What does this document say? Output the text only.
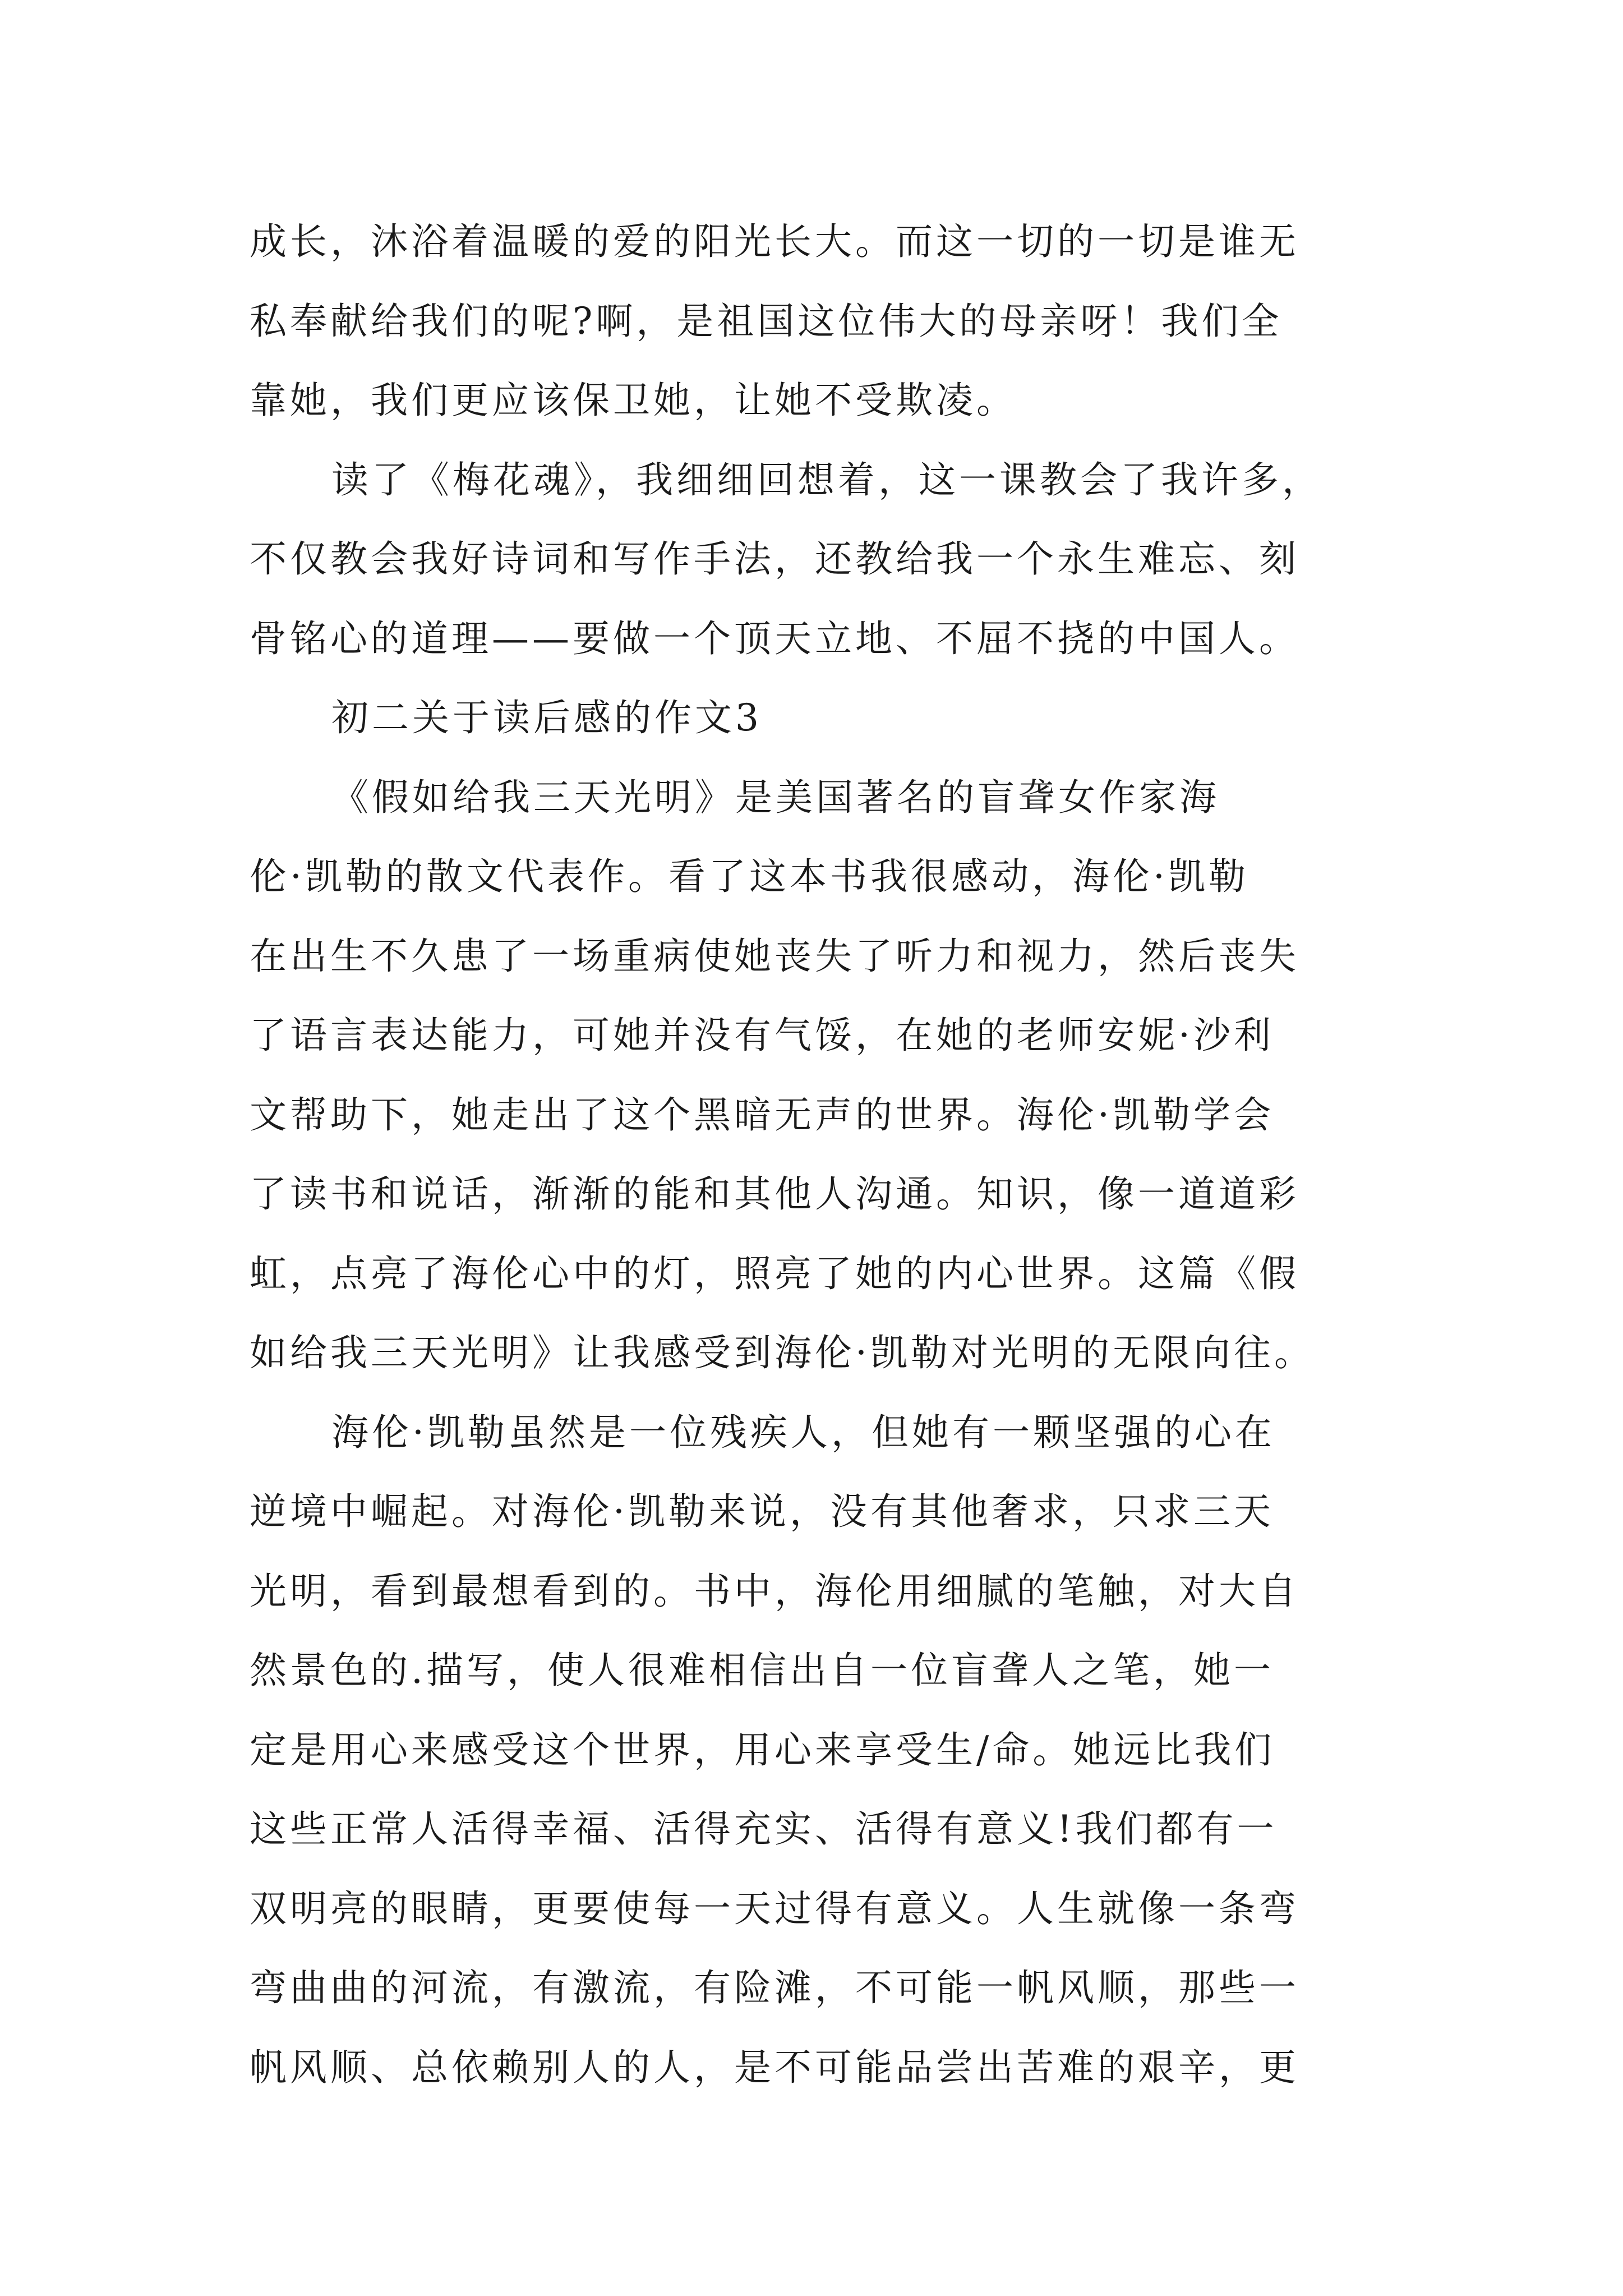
成长，沐浴着温暖的爱的阳光长大。而这一切的一切是谁无
私奉献给我们的呢?啊，是祖国这位伟大的母亲呀！我们全
靠她，我们更应该保卫她，让她不受欺凌。
读了《梅花魂》，我细细回想着，这一课教会了我许多，
不仅教会我好诗词和写作手法，还教给我一个永生难忘、刻
骨铭心的道理——要做一个顶天立地、不屈不挠的中国人。
初二关于读后感的作文3
《假如给我三天光明》是美国著名的盲聋女作家海
伦·凯勒的散文代表作。看了这本书我很感动，海伦·凯勒
在出生不久患了一场重病使她丧失了听力和视力，然后丧失
了语言表达能力，可她并没有气馁，在她的老师安妮·沙利
文帮助下，她走出了这个黑暗无声的世界。海伦·凯勒学会
了读书和说话，渐渐的能和其他人沟通。知识，像一道道彩
虹，点亮了海伦心中的灯，照亮了她的内心世界。这篇《假
如给我三天光明》让我感受到海伦·凯勒对光明的无限向往。
海伦·凯勒虽然是一位残疾人，但她有一颗坚强的心在
逆境中崛起。对海伦·凯勒来说，没有其他奢求，只求三天
光明，看到最想看到的。书中，海伦用细腻的笔触，对大自
然景色的.描写，使人很难相信出自一位盲聋人之笔，她一
定是用心来感受这个世界，用心来享受生/命。她远比我们
这些正常人活得幸福、活得充实、活得有意义!我们都有一
双明亮的眼睛，更要使每一天过得有意义。人生就像一条弯
弯曲曲的河流，有激流，有险滩，不可能一帆风顺，那些一
帆风顺、总依赖别人的人，是不可能品尝出苦难的艰辛，更
